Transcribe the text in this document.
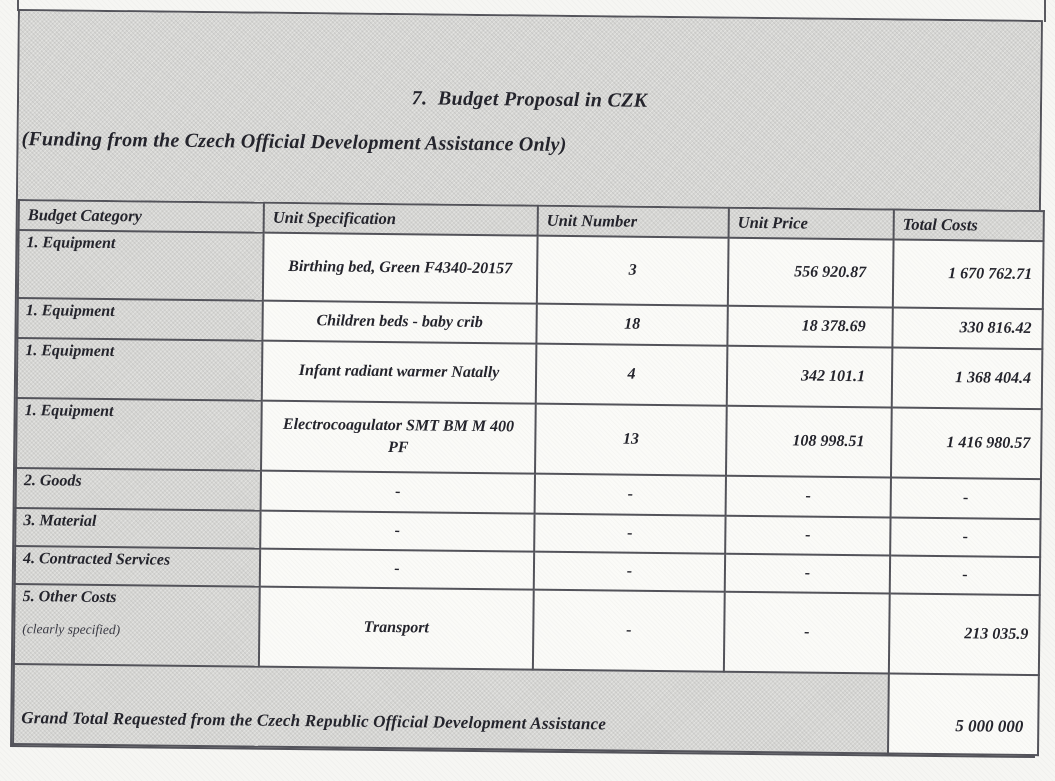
7.  Budget Proposal in CZK
(Funding from the Czech Official Development Assistance Only)
Budget Category	Unit Specification	Unit Number	Unit Price	Total Costs

1. Equipment	Birthing bed, Green F4340-20157	3	556 920.87	1 670 762.71

1. Equipment	Children beds - baby crib	18	18 378.69	330 816.42

1. Equipment	Infant radiant warmer Natally	4	342 101.1	1 368 404.4

1. Equipment	Electrocoagulator SMT BM M 400 PF	13	108 998.51	1 416 980.57

2. Goods	-	-	-	-

3. Material	-	-	-	-

4. Contracted Services	-	-	-	-

5. Other Costs
(clearly specified)	Transport	-	-	213 035.9
Grand Total Requested from the Czech Republic Official Development Assistance				5 000 000
